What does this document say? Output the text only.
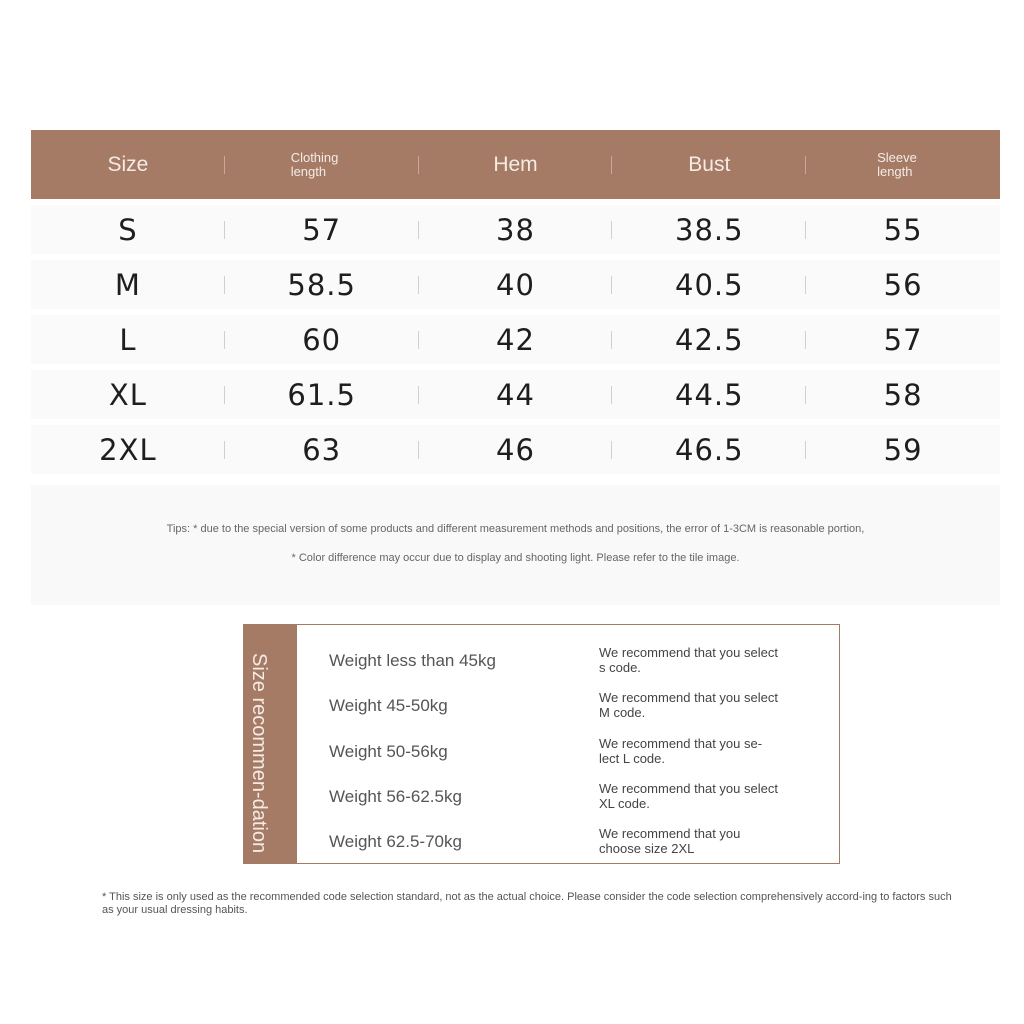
Size	Clothing length	Hem	Bust	Sleeve length
S	57	38	38.5	55
M	58.5	40	40.5	56
L	60	42	42.5	57
XL	61.5	44	44.5	58
2XL	63	46	46.5	59

Tips: * due to the special version of some products and different measurement methods and positions, the error of 1-3CM is reasonable portion,

* Color difference may occur due to display and shooting light. Please refer to the tile image.

Size recommen-dation	Weight less than 45kg	We recommend that you select s code.
Weight 45-50kg	We recommend that you select M code.
Weight 50-56kg	We recommend that you se-lect L code.
Weight 56-62.5kg	We recommend that you select XL code.
Weight 62.5-70kg	We recommend that you choose size 2XL
* This size is only used as the recommended code selection standard, not as the actual choice. Please consider the code selection comprehensively accord-ing to factors such as your usual dressing habits.
